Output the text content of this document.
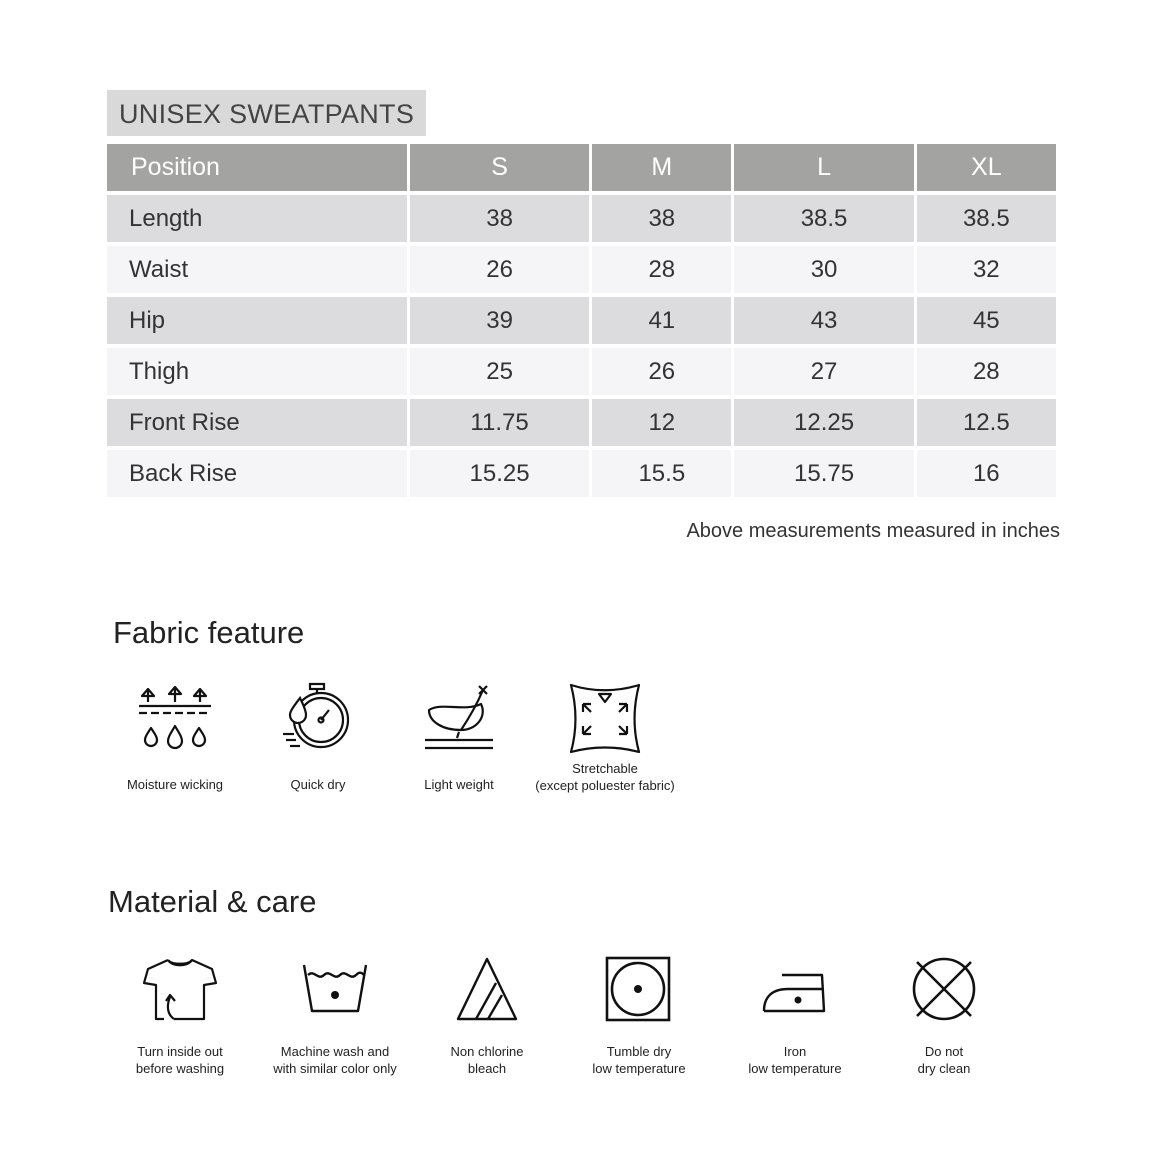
UNISEX SWEATPANTS
Position	S	M	L	XL
Length	38	38	38.5	38.5
Waist	26	28	30	32
Hip	39	41	43	45
Thigh	25	26	27	28
Front Rise	11.75	12	12.25	12.5
Back Rise	15.25	15.5	15.75	16
Above measurements measured in inches
Fabric feature
Moisture wicking	Quick dry	Light weight
Stretchable
(except poluester fabric)
Material & care
Turn inside out
before washing
Machine wash and
with similar color only
Non chlorine
bleach
Tumble dry
low temperature
Iron
low temperature
Do not
dry clean
